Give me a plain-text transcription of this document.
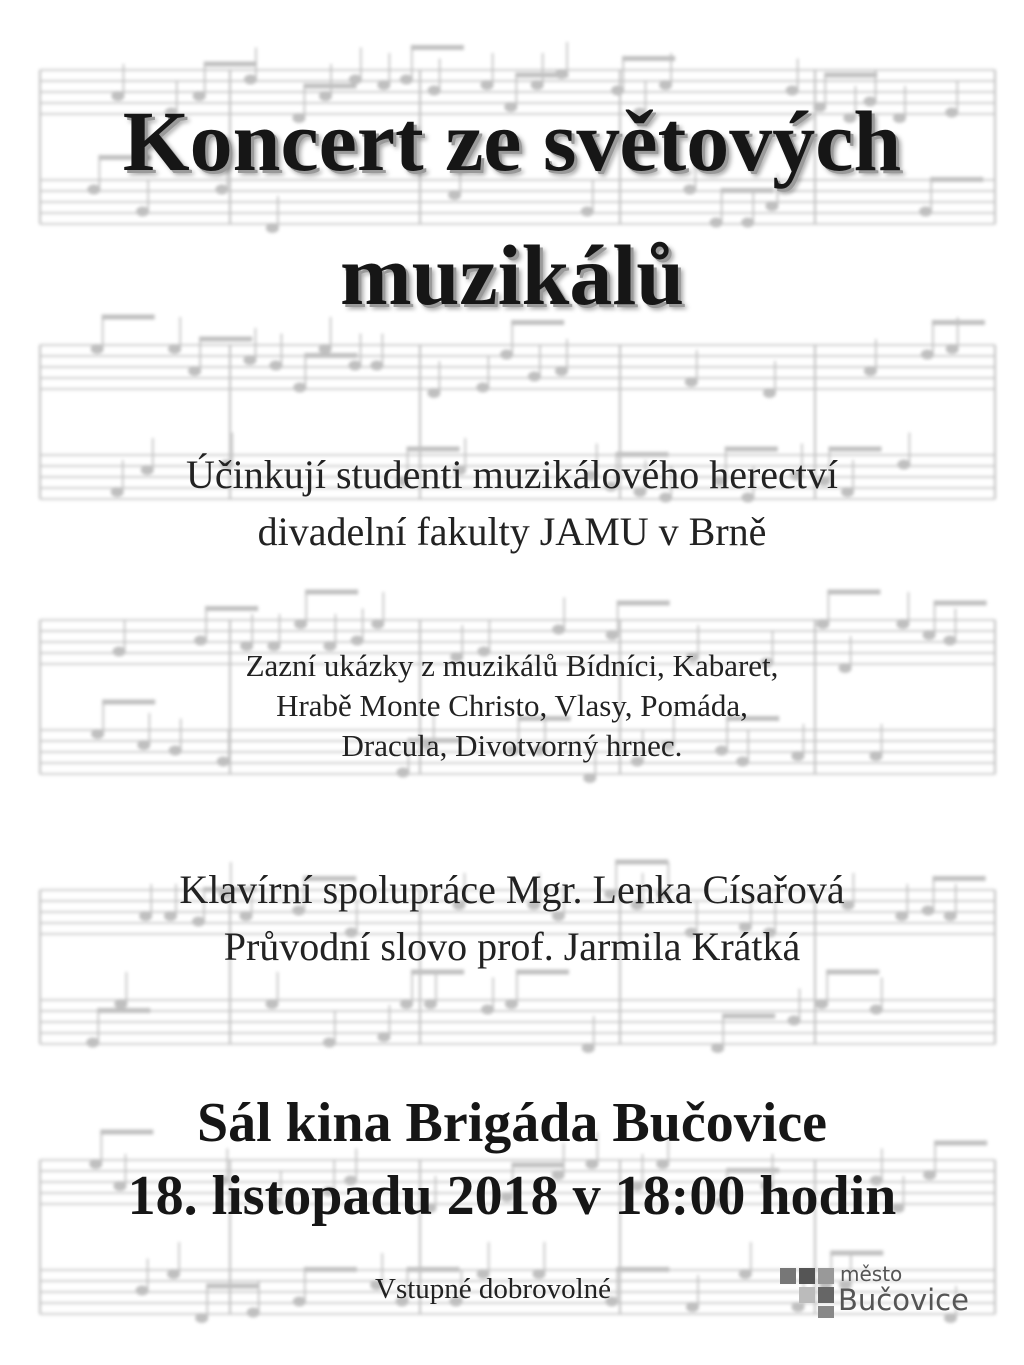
Koncert ze světových
muzikálů
Účinkují studenti muzikálového herectví
divadelní fakulty JAMU v Brně
Zazní ukázky z muzikálů Bídníci, Kabaret,
Hrabě Monte Christo, Vlasy, Pomáda,
Dracula, Divotvorný hrnec.
Klavírní spolupráce Mgr. Lenka Císařová
Průvodní slovo prof. Jarmila Krátká
Sál kina Brigáda Bučovice
18. listopadu 2018 v 18:00 hodin
Vstupné dobrovolné	město
Bučovice
